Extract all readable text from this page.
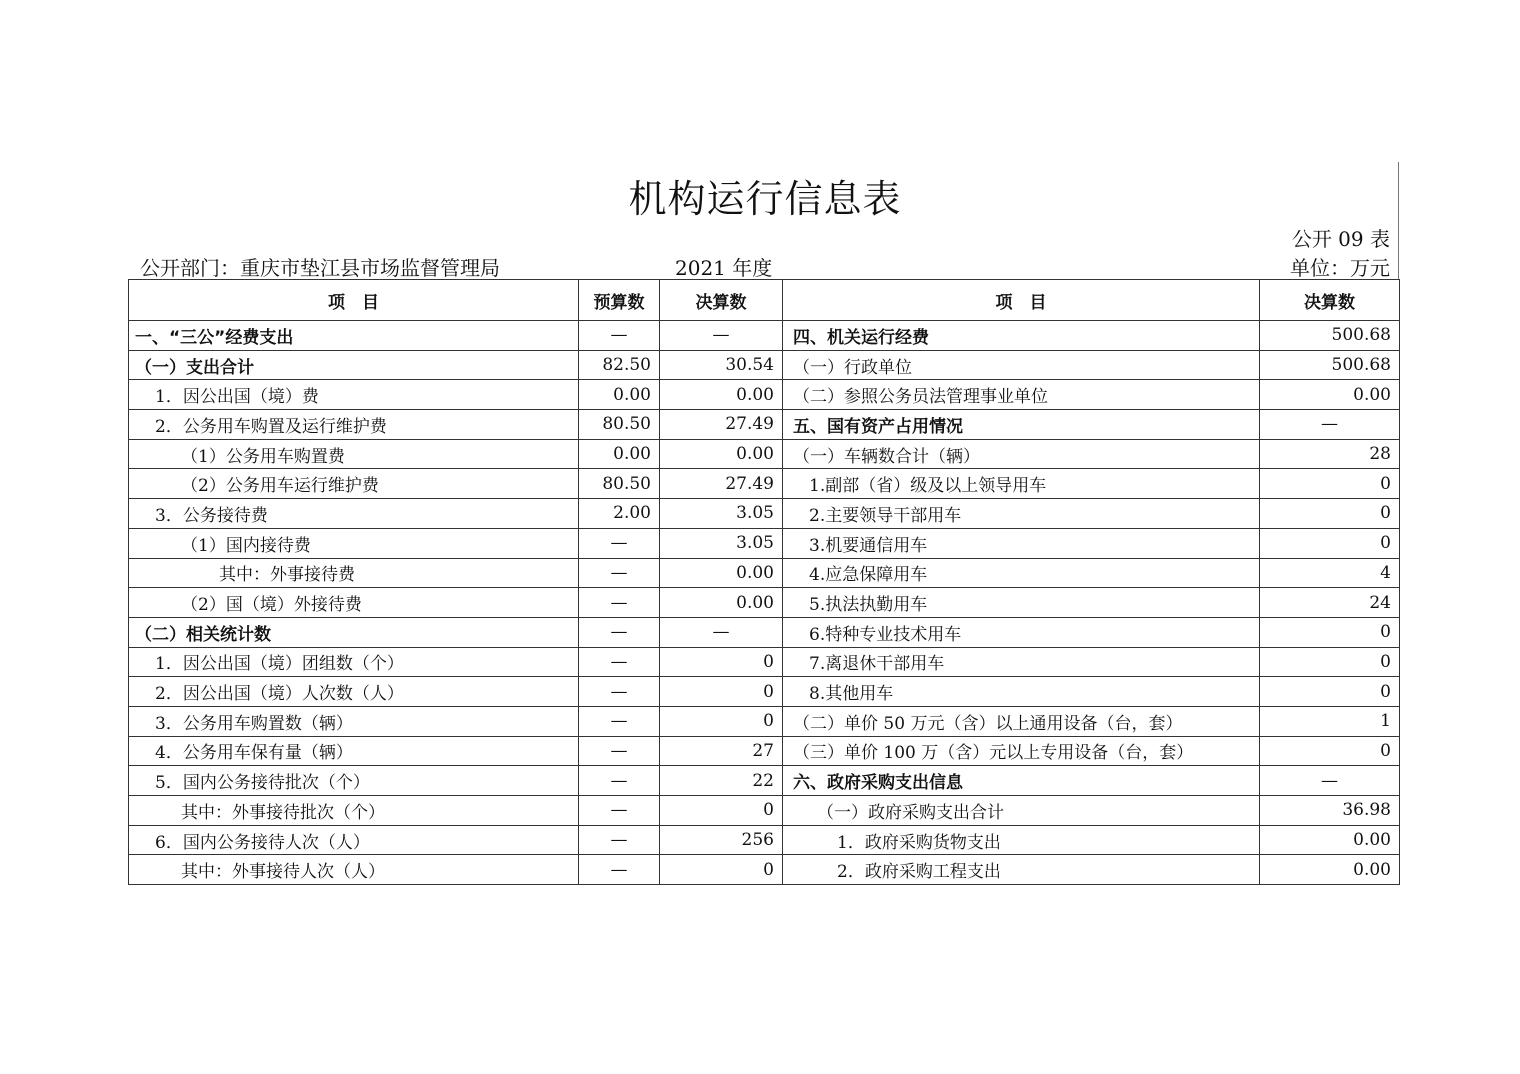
机构运行信息表
公开 09 表
公开部门：重庆市垫江县市场监督管理局	2021 年度	单位：万元
项　目	预算数	决算数	项　目	决算数
一、“三公”经费支出	—	—	四、机关运行经费	500.68
（一）支出合计	82.50	30.54	（一）行政单位	500.68
1．因公出国（境）费	0.00	0.00	（二）参照公务员法管理事业单位	0.00
2．公务用车购置及运行维护费	80.50	27.49	五、国有资产占用情况	—
（1）公务用车购置费	0.00	0.00	（一）车辆数合计（辆）	28
（2）公务用车运行维护费	80.50	27.49	1.副部（省）级及以上领导用车	0
3．公务接待费	2.00	3.05	2.主要领导干部用车	0
（1）国内接待费	—	3.05	3.机要通信用车	0
其中：外事接待费	—	0.00	4.应急保障用车	4
（2）国（境）外接待费	—	0.00	5.执法执勤用车	24
（二）相关统计数	—	—	6.特种专业技术用车	0
1．因公出国（境）团组数（个）	—	0	7.离退休干部用车	0
2．因公出国（境）人次数（人）	—	0	8.其他用车	0
3．公务用车购置数（辆）	—	0	（二）单价 50 万元（含）以上通用设备（台，套）	1
4．公务用车保有量（辆）	—	27	（三）单价 100 万（含）元以上专用设备（台，套）	0
5．国内公务接待批次（个）	—	22	六、政府采购支出信息	—
其中：外事接待批次（个）	—	0	（一）政府采购支出合计	36.98
6．国内公务接待人次（人）	—	256	1．政府采购货物支出	0.00
其中：外事接待人次（人）	—	0	2．政府采购工程支出	0.00
